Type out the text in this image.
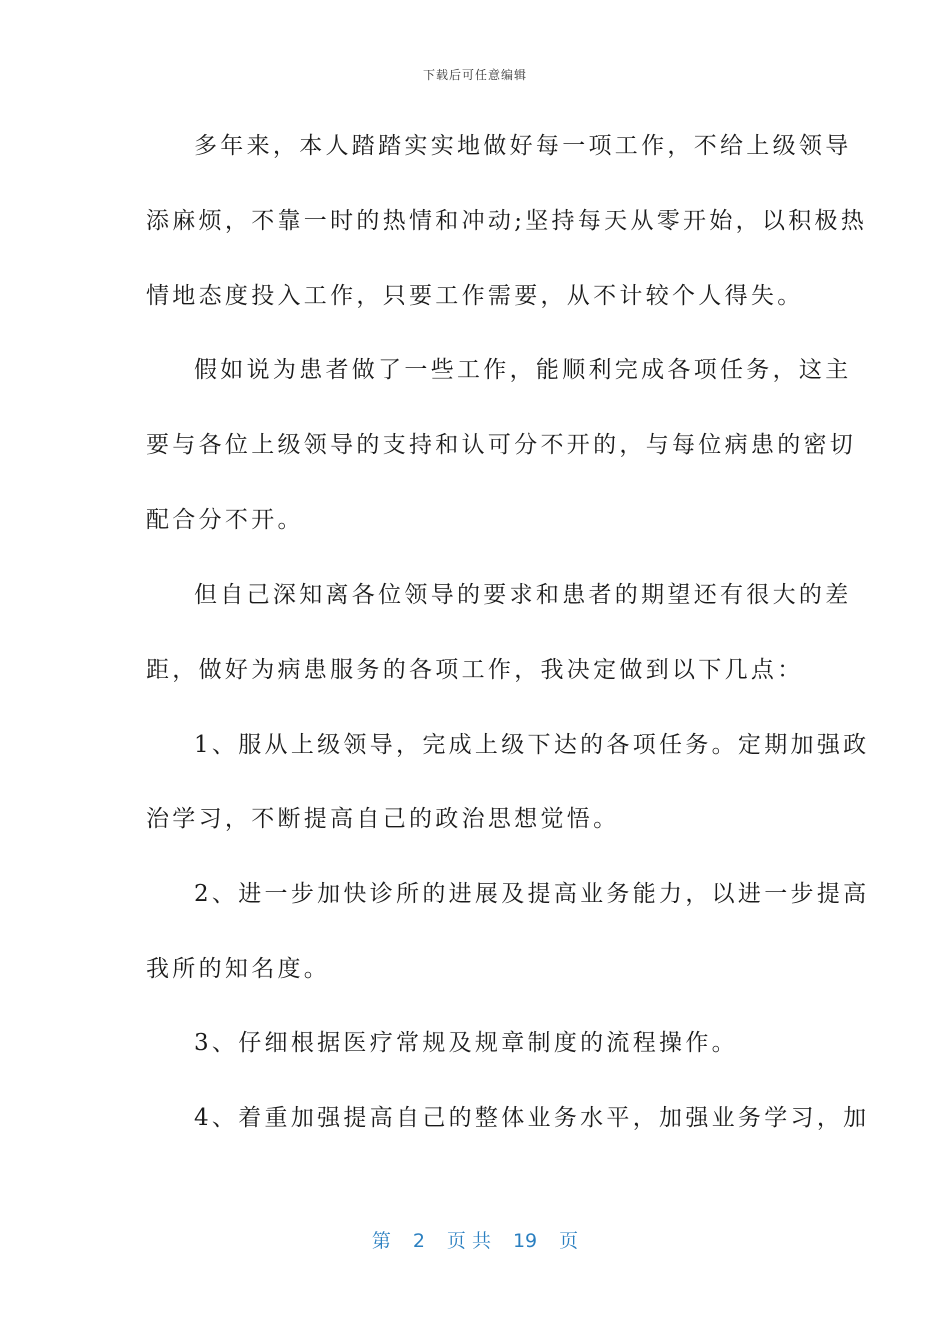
下载后可任意编辑
多年来，本人踏踏实实地做好每一项工作，不给上级领导
添麻烦，不靠一时的热情和冲动;坚持每天从零开始，以积极热
情地态度投入工作，只要工作需要，从不计较个人得失。
假如说为患者做了一些工作，能顺利完成各项任务，这主
要与各位上级领导的支持和认可分不开的，与每位病患的密切
配合分不开。
但自己深知离各位领导的要求和患者的期望还有很大的差
距，做好为病患服务的各项工作，我决定做到以下几点：
1、服从上级领导，完成上级下达的各项任务。定期加强政
治学习，不断提高自己的政治思想觉悟。
2、进一步加快诊所的进展及提高业务能力，以进一步提高
我所的知名度。
3、仔细根据医疗常规及规章制度的流程操作。
4、着重加强提高自己的整体业务水平，加强业务学习，加
第 2 页 共 19 页
